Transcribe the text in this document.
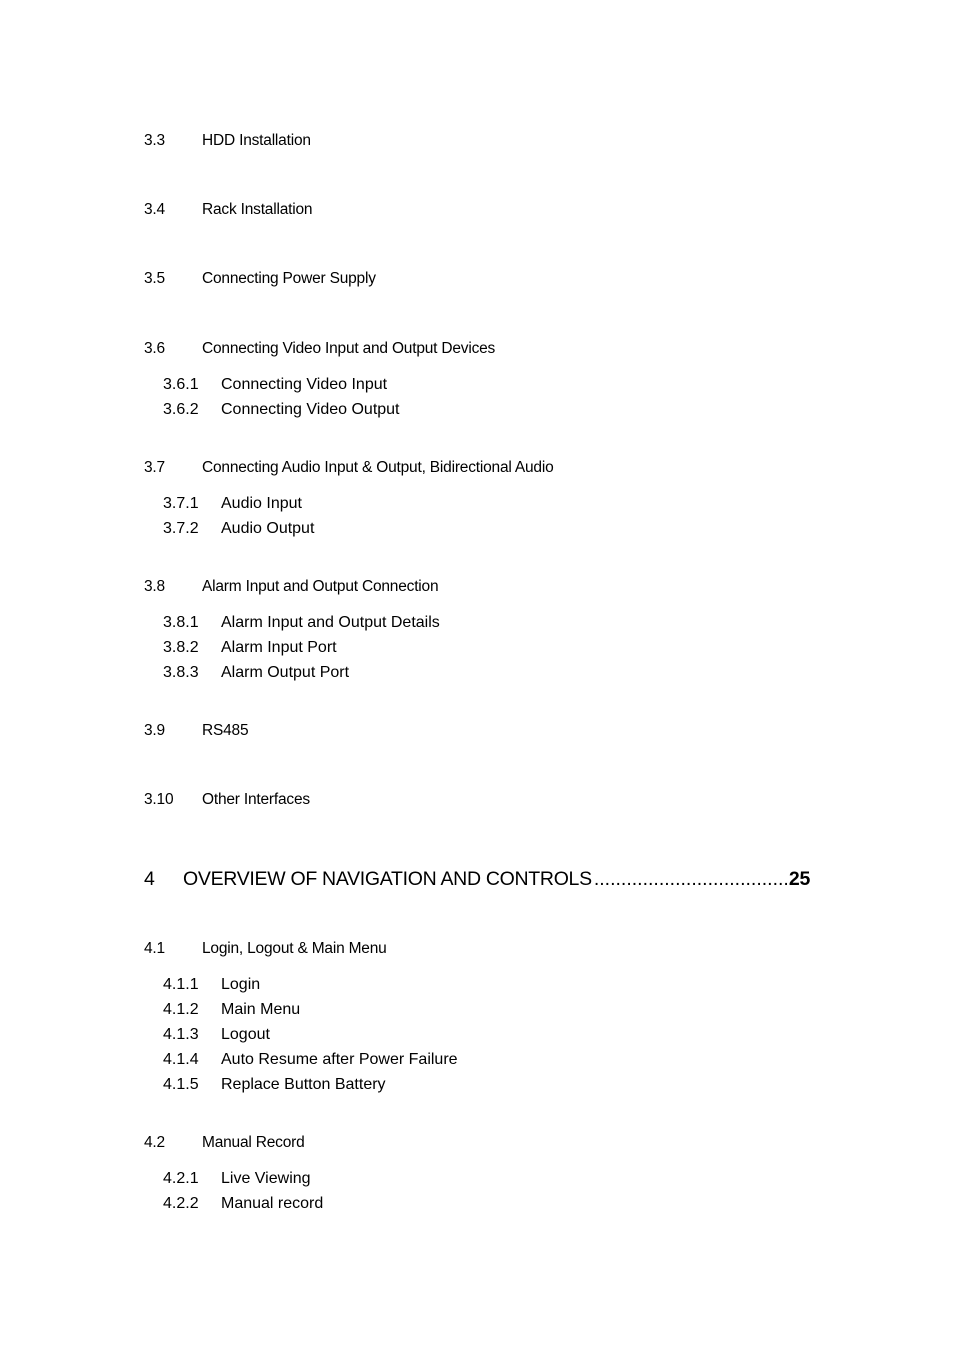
3.3 HDD Installation
3.4 Rack Installation
3.5 Connecting Power Supply
3.6 Connecting Video Input and Output Devices
3.6.1 Connecting Video Input
3.6.2 Connecting Video Output
3.7 Connecting Audio Input & Output, Bidirectional Audio
3.7.1 Audio Input
3.7.2 Audio Output
3.8 Alarm Input and Output Connection
3.8.1 Alarm Input and Output Details
3.8.2 Alarm Input Port
3.8.3 Alarm Output Port
3.9 RS485
3.10 Other Interfaces
4	OVERVIEW OF NAVIGATION AND CONTROLS
.....	25
4.1 Login, Logout & Main Menu
4.1.1 Login
4.1.2 Main Menu
4.1.3 Logout
4.1.4 Auto Resume after Power Failure
4.1.5 Replace Button Battery
4.2 Manual Record
4.2.1 Live Viewing
4.2.2 Manual record
